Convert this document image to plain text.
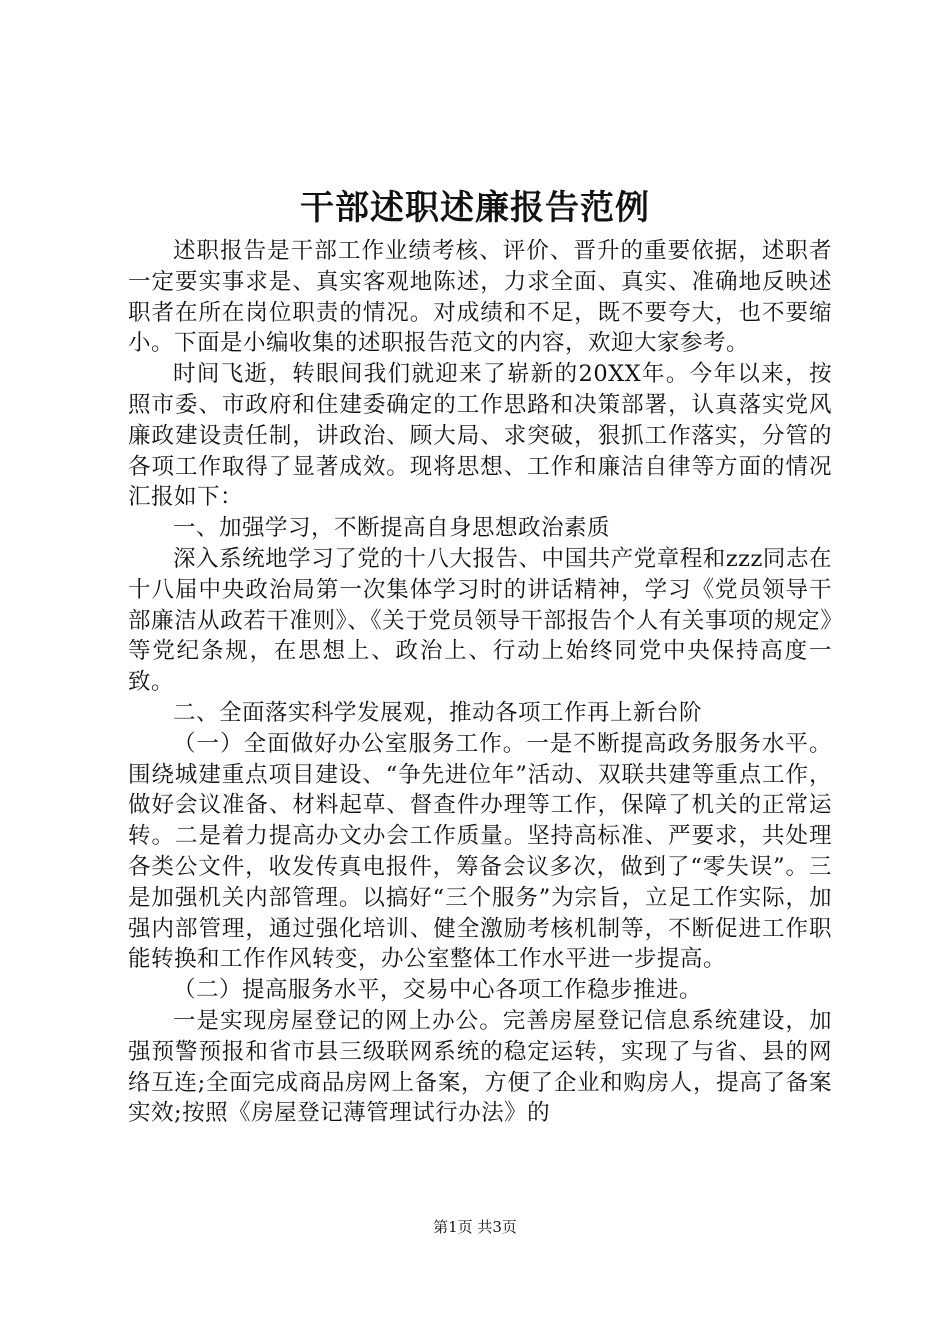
干部述职述廉报告范例

述职报告是干部工作业绩考核、评价、晋升的重要依据，述职者一定要实事求是、真实客观地陈述，力求全面、真实、准确地反映述职者在所在岗位职责的情况。对成绩和不足，既不要夸大，也不要缩小。下面是小编收集的述职报告范文的内容，欢迎大家参考。

时间飞逝，转眼间我们就迎来了崭新的20XX年。今年以来，按照市委、市政府和住建委确定的工作思路和决策部署，认真落实党风廉政建设责任制，讲政治、顾大局、求突破，狠抓工作落实，分管的各项工作取得了显著成效。现将思想、工作和廉洁自律等方面的情况汇报如下：

一、加强学习，不断提高自身思想政治素质

深入系统地学习了党的十八大报告、中国共产党章程和zzz同志在十八届中央政治局第一次集体学习时的讲话精神，学习《党员领导干部廉洁从政若干准则》、《关于党员领导干部报告个人有关事项的规定》等党纪条规，在思想上、政治上、行动上始终同党中央保持高度一致。

二、全面落实科学发展观，推动各项工作再上新台阶

（一）全面做好办公室服务工作。一是不断提高政务服务水平。围绕城建重点项目建设、“争先进位年”活动、双联共建等重点工作，做好会议准备、材料起草、督查件办理等工作，保障了机关的正常运转。二是着力提高办文办会工作质量。坚持高标准、严要求，共处理各类公文件，收发传真电报件，筹备会议多次，做到了“零失误”。三是加强机关内部管理。以搞好“三个服务”为宗旨，立足工作实际，加强内部管理，通过强化培训、健全激励考核机制等，不断促进工作职能转换和工作作风转变，办公室整体工作水平进一步提高。

（二）提高服务水平，交易中心各项工作稳步推进。

一是实现房屋登记的网上办公。完善房屋登记信息系统建设，加强预警预报和省市县三级联网系统的稳定运转，实现了与省、县的网络互连;全面完成商品房网上备案，方便了企业和购房人，提高了备案实效;按照《房屋登记薄管理试行办法》的

第1页 共3页
